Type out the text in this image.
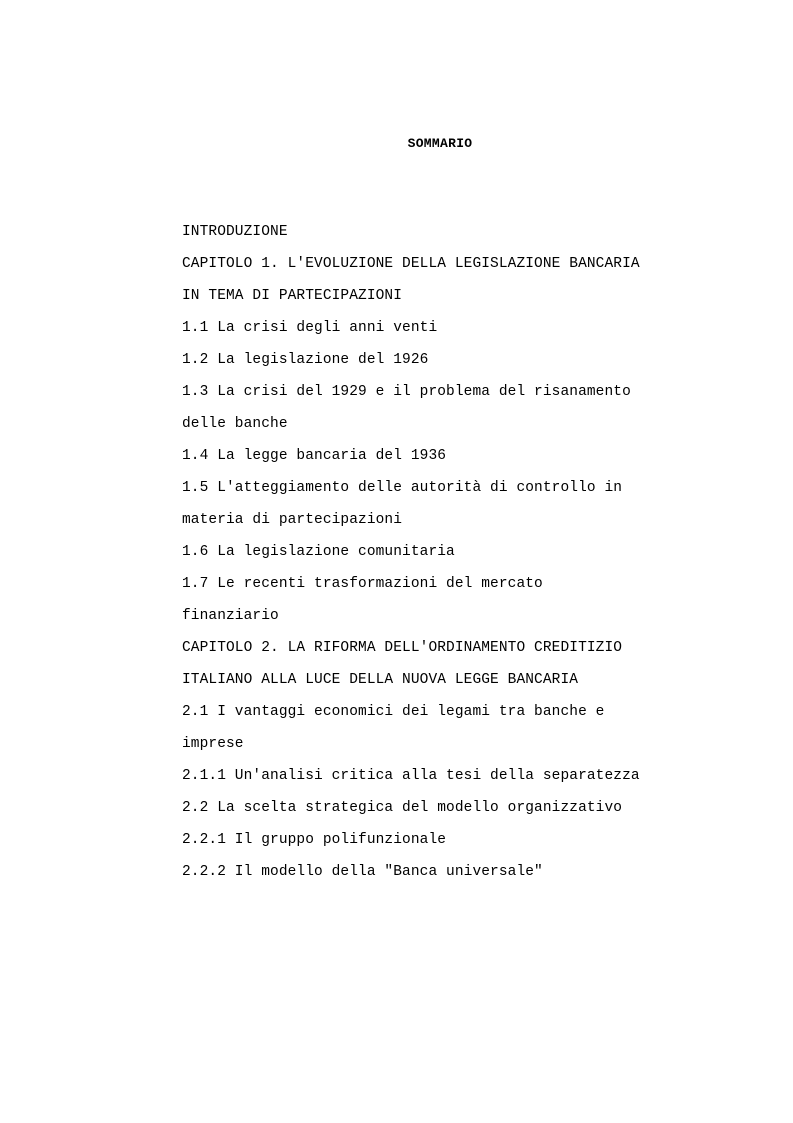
SOMMARIO
INTRODUZIONE
CAPITOLO 1. L'EVOLUZIONE DELLA LEGISLAZIONE BANCARIA
IN TEMA DI PARTECIPAZIONI
1.1 La crisi degli anni venti
1.2 La legislazione del 1926
1.3 La crisi del 1929 e il problema del risanamento
delle banche
1.4 La legge bancaria del 1936
1.5 L'atteggiamento delle autorità di controllo in
materia di partecipazioni
1.6 La legislazione comunitaria
1.7 Le recenti trasformazioni del mercato
finanziario
CAPITOLO 2. LA RIFORMA DELL'ORDINAMENTO CREDITIZIO
ITALIANO ALLA LUCE DELLA NUOVA LEGGE BANCARIA
2.1 I vantaggi economici dei legami tra banche e
imprese
2.1.1 Un'analisi critica alla tesi della separatezza
2.2 La scelta strategica del modello organizzativo
2.2.1 Il gruppo polifunzionale
2.2.2 Il modello della "Banca universale"
